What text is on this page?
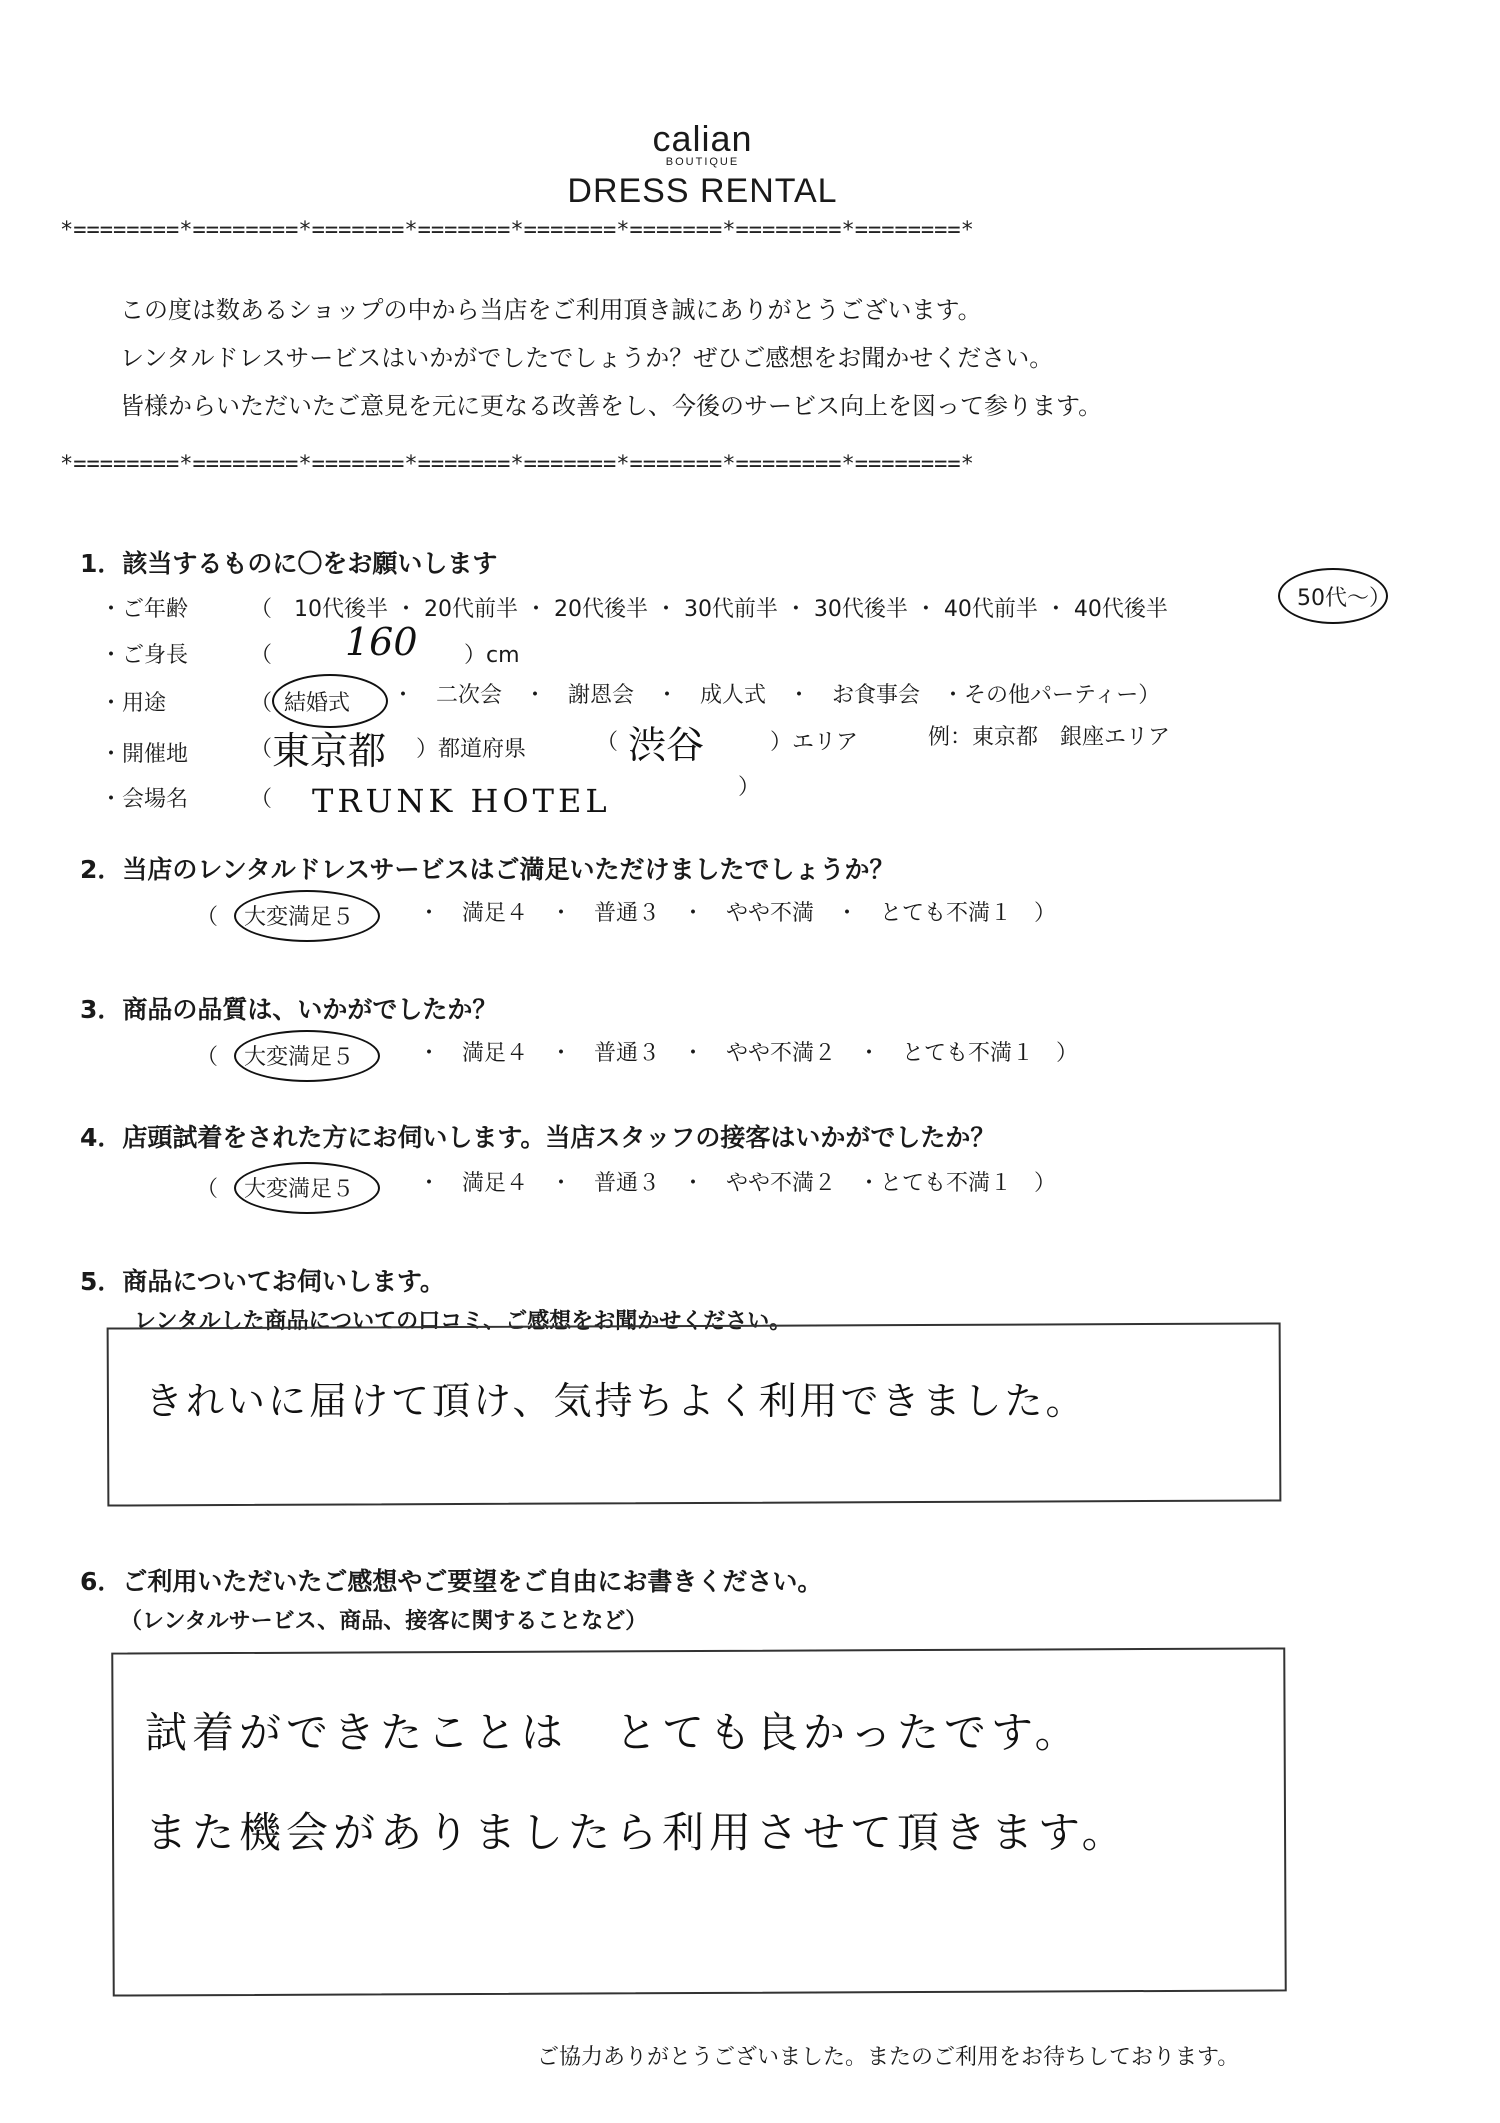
calian
BOUTIQUE
DRESS RENTAL
*========*========*=======*=======*=======*=======*========*========*
この度は数あるショップの中から当店をご利用頂き誠にありがとうございます。
レンタルドレスサービスはいかがでしたでしょうか？ぜひご感想をお聞かせください。
皆様からいただいたご意見を元に更なる改善をし、今後のサービス向上を図って参ります。
*========*========*=======*=======*=======*=======*========*========*
1．該当するものに〇をお願いします
・ご年齢	（　10代後半 ・ 20代前半 ・ 20代後半 ・ 30代前半 ・ 30代後半 ・ 40代前半 ・ 40代後半	50代～）
・ご身長	（ 160 ）cm
・用途	（ 結婚式 ・　二次会　・　謝恩会　・　成人式　・　お食事会　・その他パーティー）
・開催地	（ 東京都 ）都道府県	（ 渋谷	）エリア	例：東京都　銀座エリア
・会場名	（ TRUNK HOTEL	）
2．当店のレンタルドレスサービスはご満足いただけましたでしょうか？
（ 大変満足５	・　満足４　・　普通３　・　やや不満　・　とても不満１　）
3．商品の品質は、いかがでしたか？
（ 大変満足５	・　満足４　・　普通３　・　やや不満２　・　とても不満１　）
4．店頭試着をされた方にお伺いします。当店スタッフの接客はいかがでしたか？
（ 大変満足５	・　満足４　・　普通３　・　やや不満２　・とても不満１　）
5．商品についてお伺いします。
レンタルした商品についての口コミ、ご感想をお聞かせください。
きれいに届けて頂け、気持ちよく利用できました。
6．ご利用いただいたご感想やご要望をご自由にお書きください。
（レンタルサービス、商品、接客に関することなど）
試着ができたことは　とても良かったです。
また機会がありましたら利用させて頂きます。
ご協力ありがとうございました。またのご利用をお待ちしております。
